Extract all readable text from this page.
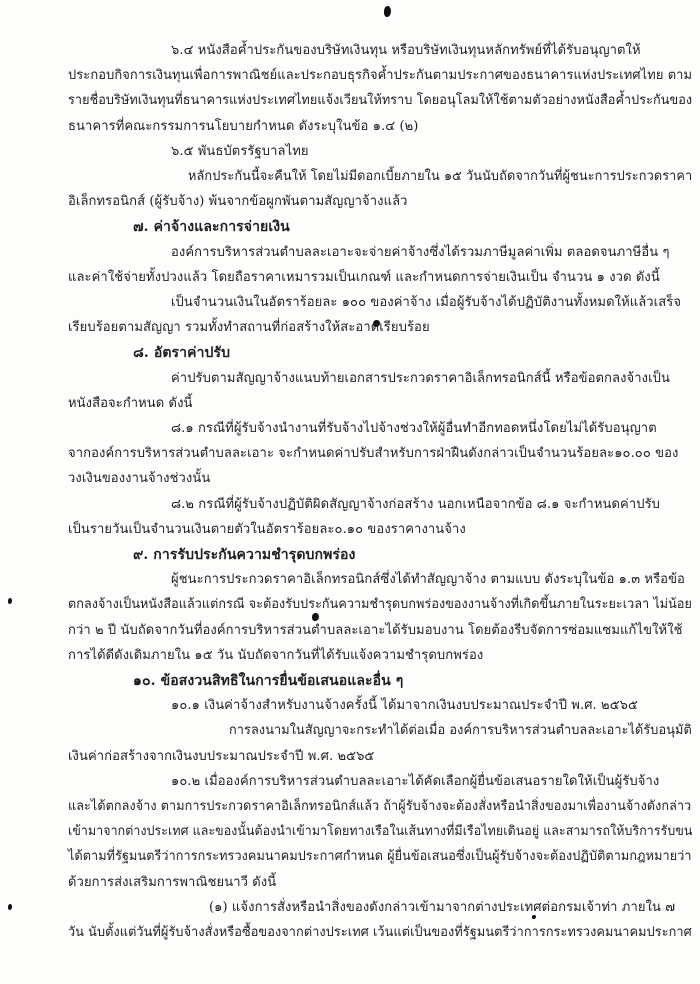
๖.๔ หนังสือค้ำประกันของบริษัทเงินทุน หรือบริษัทเงินทุนหลักทรัพย์ที่ได้รับอนุญาตให้
ประกอบกิจการเงินทุนเพื่อการพาณิชย์และประกอบธุรกิจค้ำประกันตามประกาศของธนาคารแห่งประเทศไทย ตาม
รายชื่อบริษัทเงินทุนที่ธนาคารแห่งประเทศไทยแจ้งเวียนให้ทราบ โดยอนุโลมให้ใช้ตามตัวอย่างหนังสือค้ำประกันของ
ธนาคารที่คณะกรรมการนโยบายกำหนด ดังระบุในข้อ ๑.๔ (๒)
๖.๕ พันธบัตรรัฐบาลไทย
หลักประกันนี้จะคืนให้ โดยไม่มีดอกเบี้ยภายใน ๑๕ วันนับถัดจากวันที่ผู้ชนะการประกวดราคา
อิเล็กทรอนิกส์ (ผู้รับจ้าง) พ้นจากข้อผูกพันตามสัญญาจ้างแล้ว
๗. ค่าจ้างและการจ่ายเงิน
องค์การบริหารส่วนตำบลละเอาะจะจ่ายค่าจ้างซึ่งได้รวมภาษีมูลค่าเพิ่ม ตลอดจนภาษีอื่น ๆ
และค่าใช้จ่ายทั้งปวงแล้ว โดยถือราคาเหมารวมเป็นเกณฑ์ และกำหนดการจ่ายเงินเป็น จำนวน ๑ งวด ดังนี้
เป็นจำนวนเงินในอัตราร้อยละ ๑๐๐ ของค่าจ้าง เมื่อผู้รับจ้างได้ปฏิบัติงานทั้งหมดให้แล้วเสร็จ
เรียบร้อยตามสัญญา รวมทั้งทำสถานที่ก่อสร้างให้สะอาดเรียบร้อย
๘. อัตราค่าปรับ
ค่าปรับตามสัญญาจ้างแนบท้ายเอกสารประกวดราคาอิเล็กทรอนิกส์นี้ หรือข้อตกลงจ้างเป็น
หนังสือจะกำหนด ดังนี้
๘.๑ กรณีที่ผู้รับจ้างนำงานที่รับจ้างไปจ้างช่วงให้ผู้อื่นทำอีกทอดหนึ่งโดยไม่ได้รับอนุญาต
จากองค์การบริหารส่วนตำบลละเอาะ จะกำหนดค่าปรับสำหรับการฝ่าฝืนดังกล่าวเป็นจำนวนร้อยละ๑๐.๐๐ ของ
วงเงินของงานจ้างช่วงนั้น
๘.๒ กรณีที่ผู้รับจ้างปฏิบัติผิดสัญญาจ้างก่อสร้าง นอกเหนือจากข้อ ๘.๑ จะกำหนดค่าปรับ
เป็นรายวันเป็นจำนวนเงินตายตัวในอัตราร้อยละ๐.๑๐ ของราคางานจ้าง
๙. การรับประกันความชำรุดบกพร่อง
ผู้ชนะการประกวดราคาอิเล็กทรอนิกส์ซึ่งได้ทำสัญญาจ้าง ตามแบบ ดังระบุในข้อ ๑.๓ หรือข้อ
ตกลงจ้างเป็นหนังสือแล้วแต่กรณี จะต้องรับประกันความชำรุดบกพร่องของงานจ้างที่เกิดขึ้นภายในระยะเวลา ไม่น้อย
กว่า ๒ ปี นับถัดจากวันที่องค์การบริหารส่วนตำบลละเอาะได้รับมอบงาน โดยต้องรีบจัดการซ่อมแซมแก้ไขให้ใช้
การได้ดีดังเดิมภายใน ๑๕ วัน นับถัดจากวันที่ได้รับแจ้งความชำรุดบกพร่อง
๑๐. ข้อสงวนสิทธิในการยื่นข้อเสนอและอื่น ๆ
๑๐.๑ เงินค่าจ้างสำหรับงานจ้างครั้งนี้ ได้มาจากเงินงบประมาณประจำปี พ.ศ. ๒๕๖๕
การลงนามในสัญญาจะกระทำได้ต่อเมื่อ องค์การบริหารส่วนตำบลละเอาะได้รับอนุมัติ
เงินค่าก่อสร้างจากเงินงบประมาณประจำปี พ.ศ. ๒๕๖๕
๑๐.๒ เมื่อองค์การบริหารส่วนตำบลละเอาะได้คัดเลือกผู้ยื่นข้อเสนอรายใดให้เป็นผู้รับจ้าง
และได้ตกลงจ้าง ตามการประกวดราคาอิเล็กทรอนิกส์แล้ว ถ้าผู้รับจ้างจะต้องสั่งหรือนำสิ่งของมาเพื่องานจ้างดังกล่าว
เข้ามาจากต่างประเทศ และของนั้นต้องนำเข้ามาโดยทางเรือในเส้นทางที่มีเรือไทยเดินอยู่ และสามารถให้บริการรับขน
ได้ตามที่รัฐมนตรีว่าการกระทรวงคมนาคมประกาศกำหนด ผู้ยื่นข้อเสนอซึ่งเป็นผู้รับจ้างจะต้องปฏิบัติตามกฎหมายว่า
ด้วยการส่งเสริมการพาณิชยนาวี ดังนี้
(๑) แจ้งการสั่งหรือนำสิ่งของดังกล่าวเข้ามาจากต่างประเทศต่อกรมเจ้าท่า ภายใน ๗
วัน นับตั้งแต่วันที่ผู้รับจ้างสั่งหรือซื้อของจากต่างประเทศ เว้นแต่เป็นของที่รัฐมนตรีว่าการกระทรวงคมนาคมประกาศ
